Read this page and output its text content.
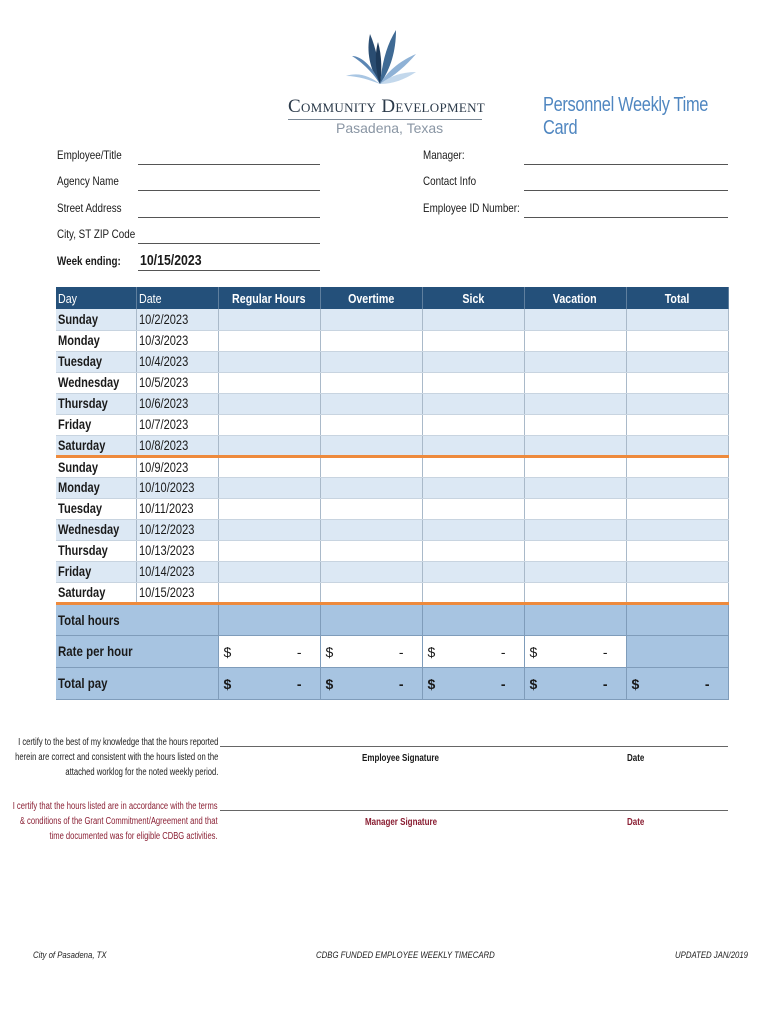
Community Development
Pasadena, Texas
Personnel Weekly Time Card
Employee/Title
Agency Name
Street Address
City, ST ZIP Code
Week ending: 10/15/2023
Manager:
Contact Info
Employee ID Number:
Day	Date	Regular Hours	Overtime	Sick	Vacation	Total
Sunday	10/2/2023					
Monday	10/3/2023					
Tuesday	10/4/2023					
Wednesday	10/5/2023					
Thursday	10/6/2023					
Friday	10/7/2023					
Saturday	10/8/2023					
Sunday	10/9/2023					
Monday	10/10/2023					
Tuesday	10/11/2023					
Wednesday	10/12/2023					
Thursday	10/13/2023					
Friday	10/14/2023					
Saturday	10/15/2023					
Total hours						
Rate per hour		$ -	$ -	$ -	$ -	

Total pay		$ -	$ -	$ -	$ -	$ -
I certify to the best of my knowledge that the hours reported
herein are correct and consistent with the hours listed on the
attached worklog for the noted weekly period.
Employee Signature	Date
I certify that the hours listed are in accordance with the terms
& conditions of the Grant Commitment/Agreement and that
time documented was for eligible CDBG activities.
Manager Signature	Date
City of Pasadena, TX	CDBG FUNDED EMPLOYEE WEEKLY TIMECARD	UPDATED JAN/2019
